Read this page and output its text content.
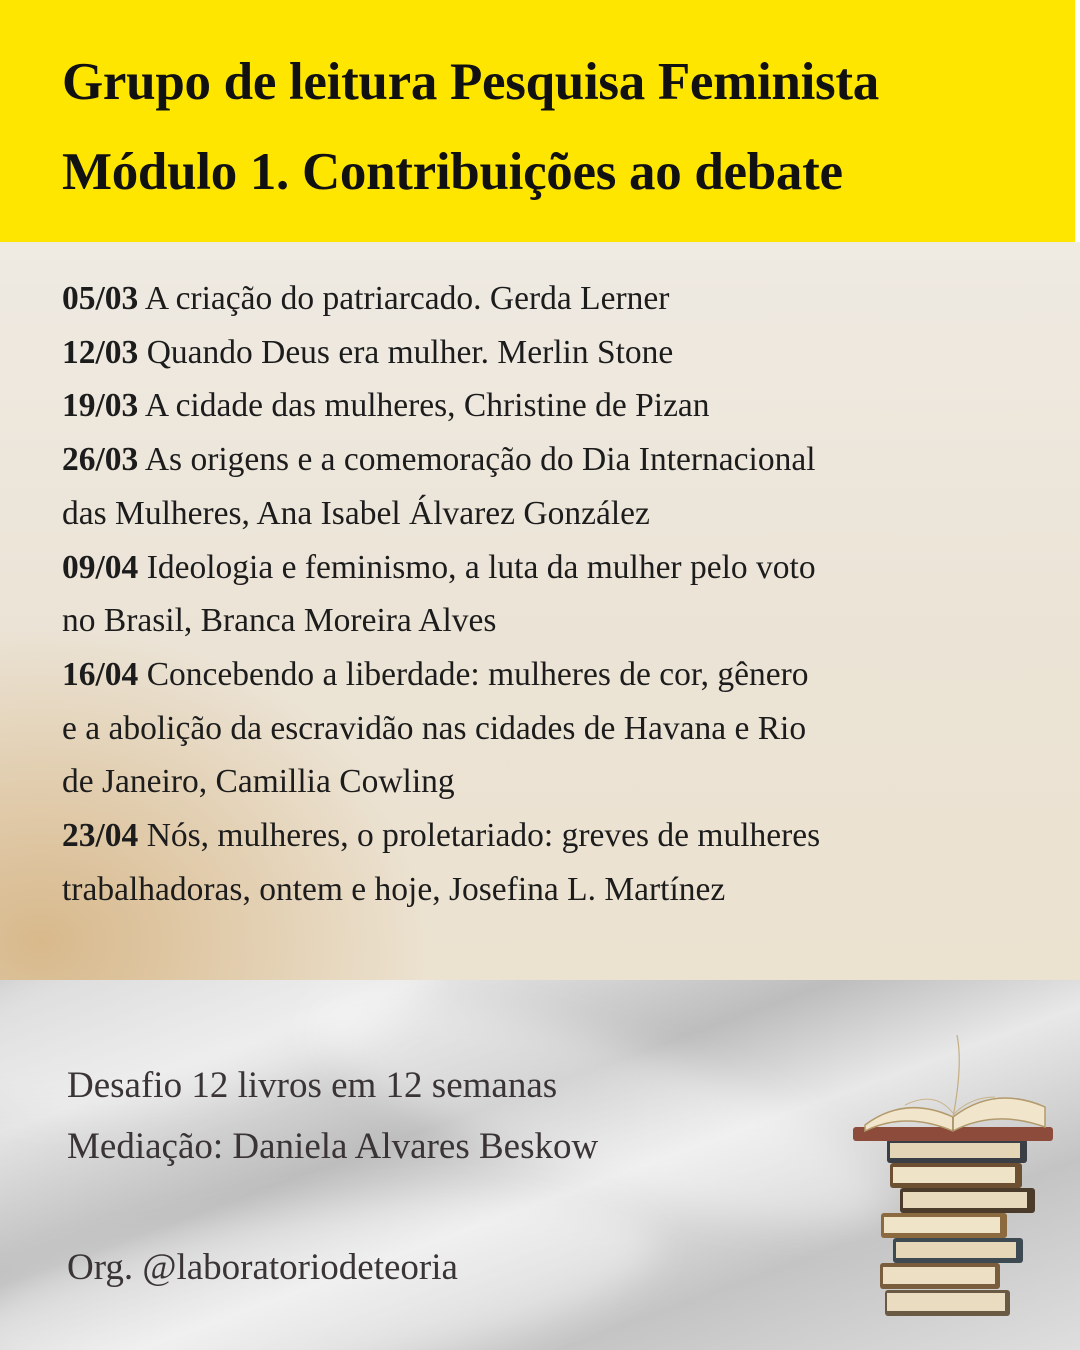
Grupo de leitura Pesquisa Feminista
Módulo 1. Contribuições ao debate
05/03 A criação do patriarcado. Gerda Lerner
12/03 Quando Deus era mulher. Merlin Stone
19/03 A cidade das mulheres, Christine de Pizan
26/03 As origens e a comemoração do Dia Internacional
das Mulheres, Ana Isabel Álvarez González
09/04 Ideologia e feminismo, a luta da mulher pelo voto
no Brasil, Branca Moreira Alves
16/04 Concebendo a liberdade: mulheres de cor, gênero
e a abolição da escravidão nas cidades de Havana e Rio
de Janeiro, Camillia Cowling
23/04 Nós, mulheres, o proletariado: greves de mulheres
trabalhadoras, ontem e hoje, Josefina L. Martínez
Desafio 12 livros em 12 semanas
Mediação: Daniela Alvares Beskow
Org. @laboratoriodeteoria
